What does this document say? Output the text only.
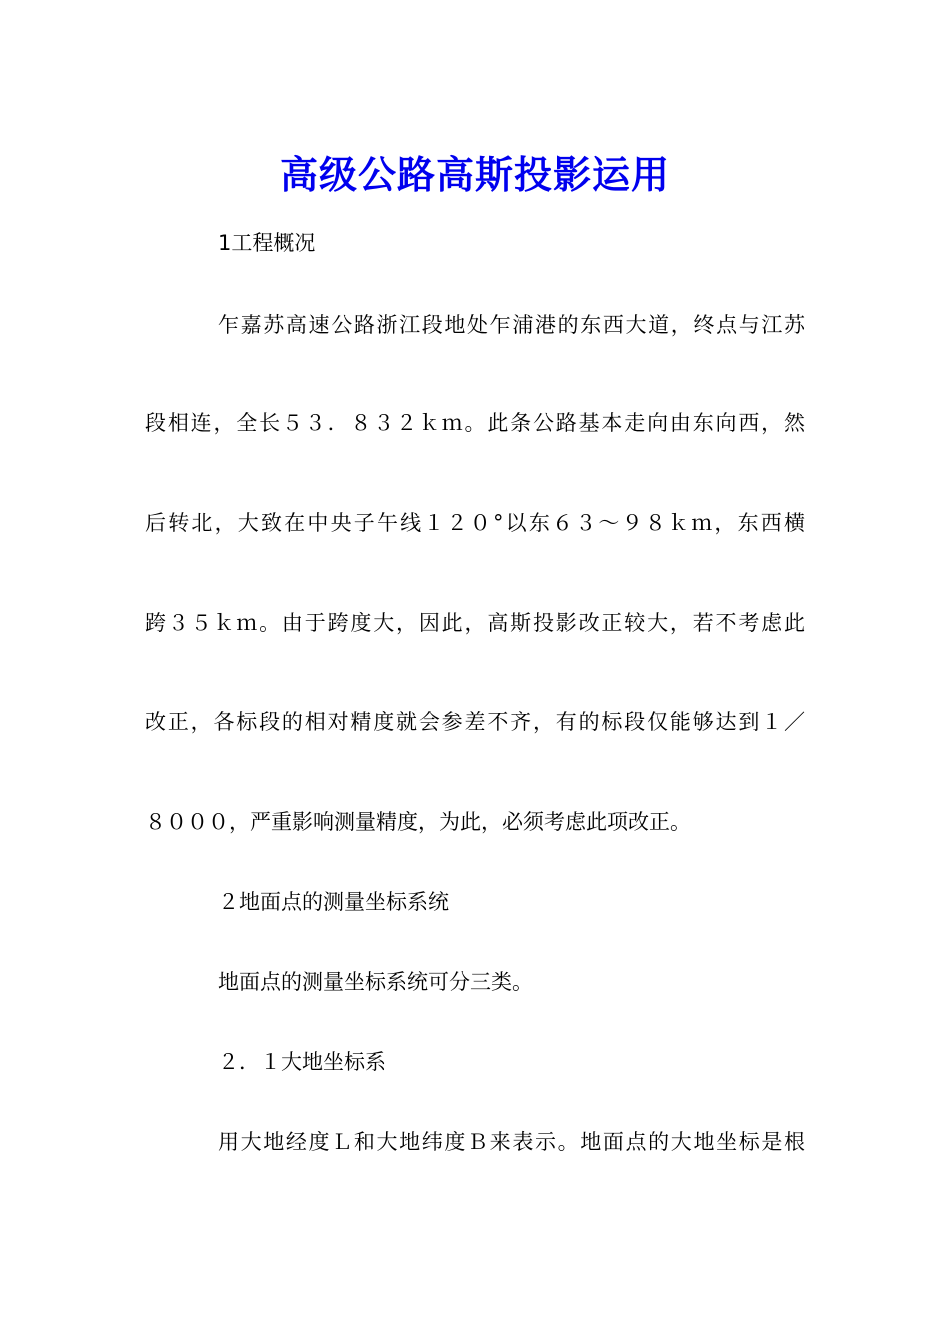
高级公路高斯投影运用
1工程概况
乍嘉苏高速公路浙江段地处乍浦港的东西大道，终点与江苏
段相连，全长５３．８３２ｋｍ。此条公路基本走向由东向西，然
后转北，大致在中央子午线１２０°以东６３～９８ｋｍ，东西横
跨３５ｋｍ。由于跨度大，因此，高斯投影改正较大，若不考虑此
改正，各标段的相对精度就会参差不齐，有的标段仅能够达到１／
８０００，严重影响测量精度，为此，必须考虑此项改正。
２地面点的测量坐标系统
地面点的测量坐标系统可分三类。
２．１大地坐标系
用大地经度Ｌ和大地纬度Ｂ来表示。地面点的大地坐标是根
